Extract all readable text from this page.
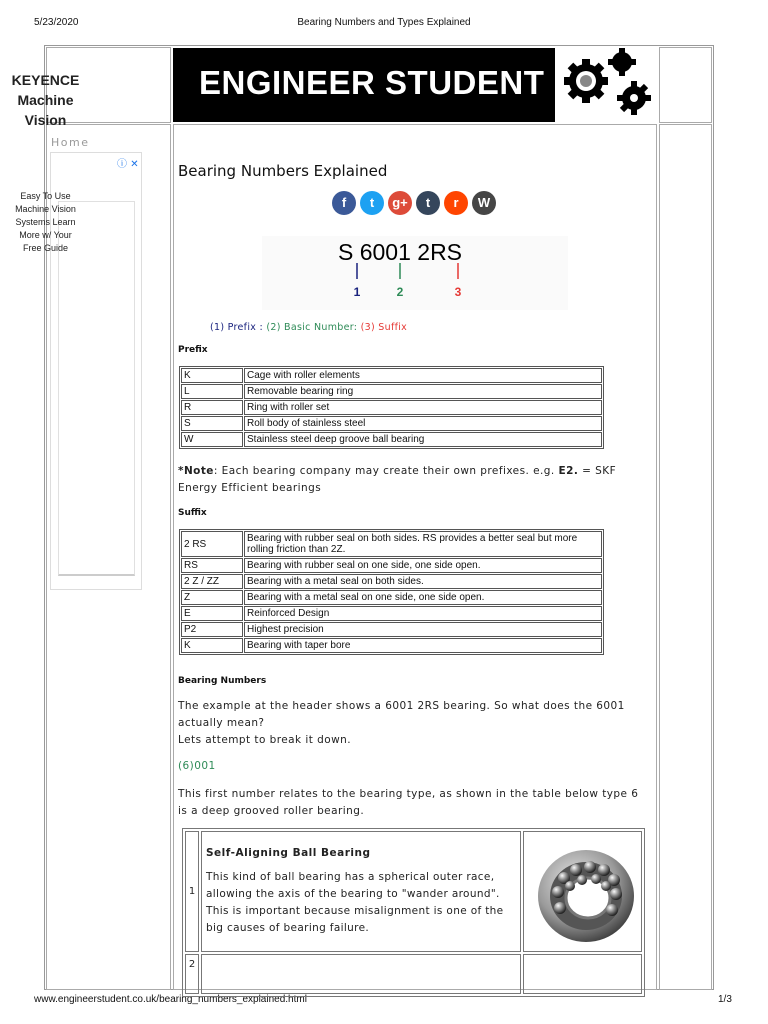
5/23/2020	Bearing Numbers and Types Explained
www.engineerstudent.co.uk/bearing_numbers_explained.html	1/3
ENGINEER STUDENT
Home
ⓘ ✕
KEYENCE
Machine
Vision
Easy To Use
Machine Vision
Systems Learn
More w/ Your
Free Guide
Bearing Numbers Explained
f	t	g+	t	r	W
S 6001 2RS
1	2	3
(1) Prefix : (2) Basic Number: (3) Suffix
Prefix
K	Cage with roller elements
L	Removable bearing ring
R	Ring with roller set
S	Roll body of stainless steel
W	Stainless steel deep groove ball bearing
*Note: Each bearing company may create their own prefixes. e.g. E2. = SKF Energy Efficient bearings
Suffix
2 RS	Bearing with rubber seal on both sides. RS provides a better seal but more rolling friction than 2Z.
RS	Bearing with rubber seal on one side, one side open.
2 Z / ZZ	Bearing with a metal seal on both sides.
Z	Bearing with a metal seal on one side, one side open.
E	Reinforced Design
P2	Highest precision
K	Bearing with taper bore
Bearing Numbers
The example at the header shows a 6001 2RS bearing. So what does the 6001 actually mean?
Lets attempt to break it down.
(6)001
This first number relates to the bearing type, as shown in the table below type 6 is a deep grooved roller bearing.
1	Self-Aligning Ball Bearing
This kind of ball bearing has a spherical outer race, allowing the axis of the bearing to "wander around". This is important because misalignment is one of the big causes of bearing failure.	

2		
